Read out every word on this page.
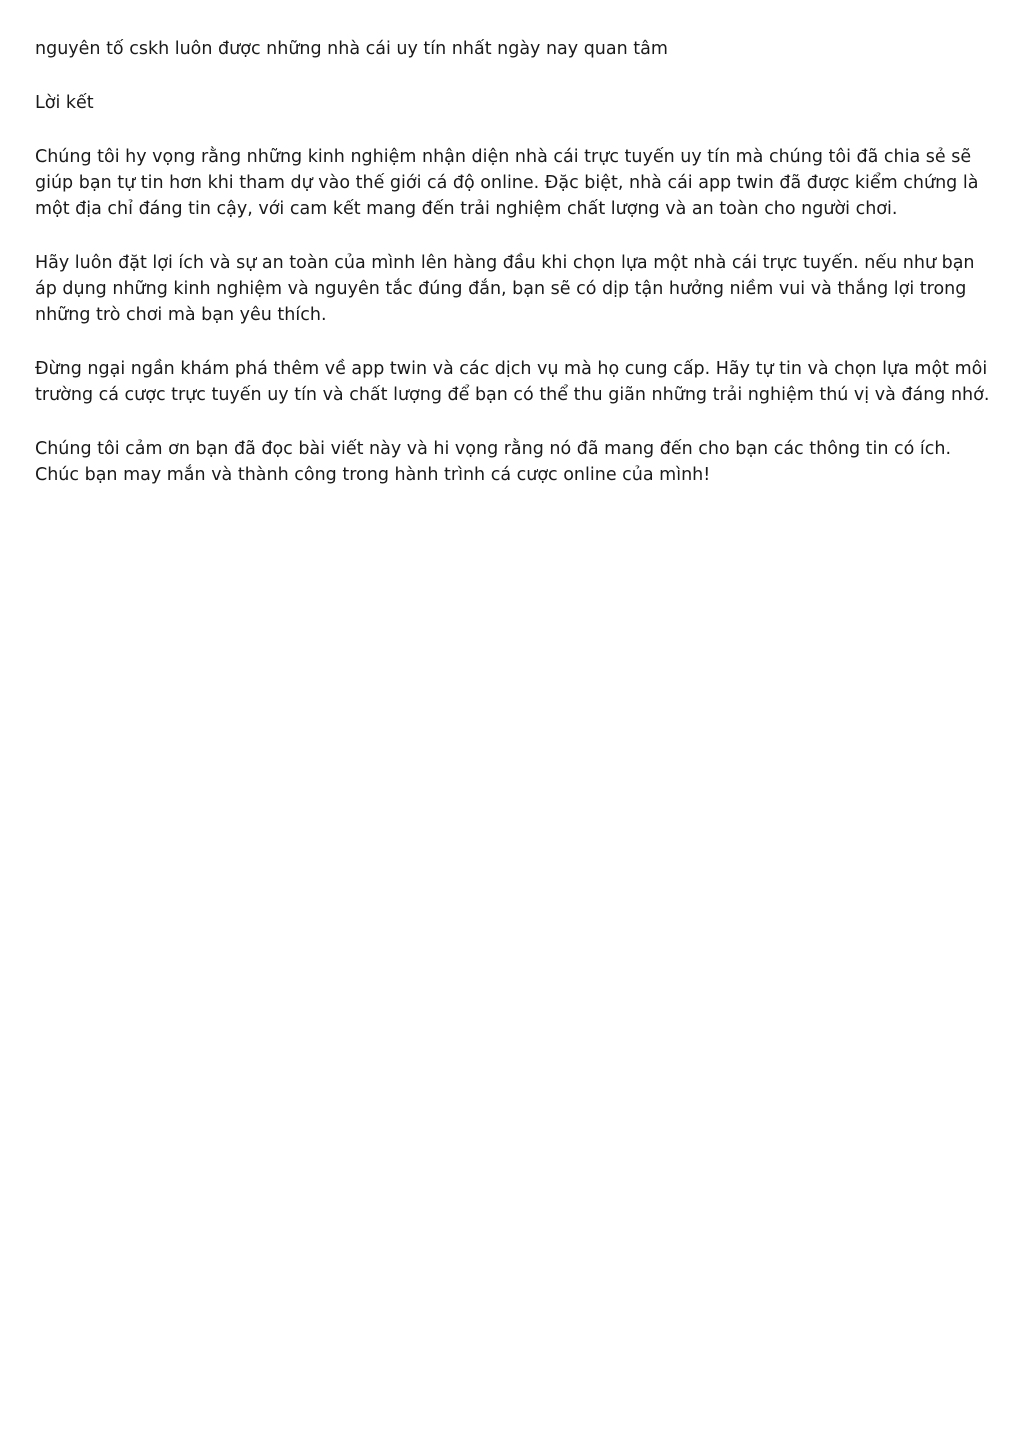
nguyên tố cskh luôn được những nhà cái uy tín nhất ngày nay quan tâm

Lời kết

Chúng tôi hy vọng rằng những kinh nghiệm nhận diện nhà cái trực tuyến uy tín mà chúng tôi đã chia sẻ sẽ giúp bạn tự tin hơn khi tham dự vào thế giới cá độ online. Đặc biệt, nhà cái app twin đã được kiểm chứng là một địa chỉ đáng tin cậy, với cam kết mang đến trải nghiệm chất lượng và an toàn cho người chơi.

Hãy luôn đặt lợi ích và sự an toàn của mình lên hàng đầu khi chọn lựa một nhà cái trực tuyến. nếu như bạn áp dụng những kinh nghiệm và nguyên tắc đúng đắn, bạn sẽ có dịp tận hưởng niềm vui và thắng lợi trong những trò chơi mà bạn yêu thích.

Đừng ngại ngần khám phá thêm về app twin và các dịch vụ mà họ cung cấp. Hãy tự tin và chọn lựa một môi trường cá cược trực tuyến uy tín và chất lượng để bạn có thể thu giãn những trải nghiệm thú vị và đáng nhớ.

Chúng tôi cảm ơn bạn đã đọc bài viết này và hi vọng rằng nó đã mang đến cho bạn các thông tin có ích. Chúc bạn may mắn và thành công trong hành trình cá cược online của mình!
